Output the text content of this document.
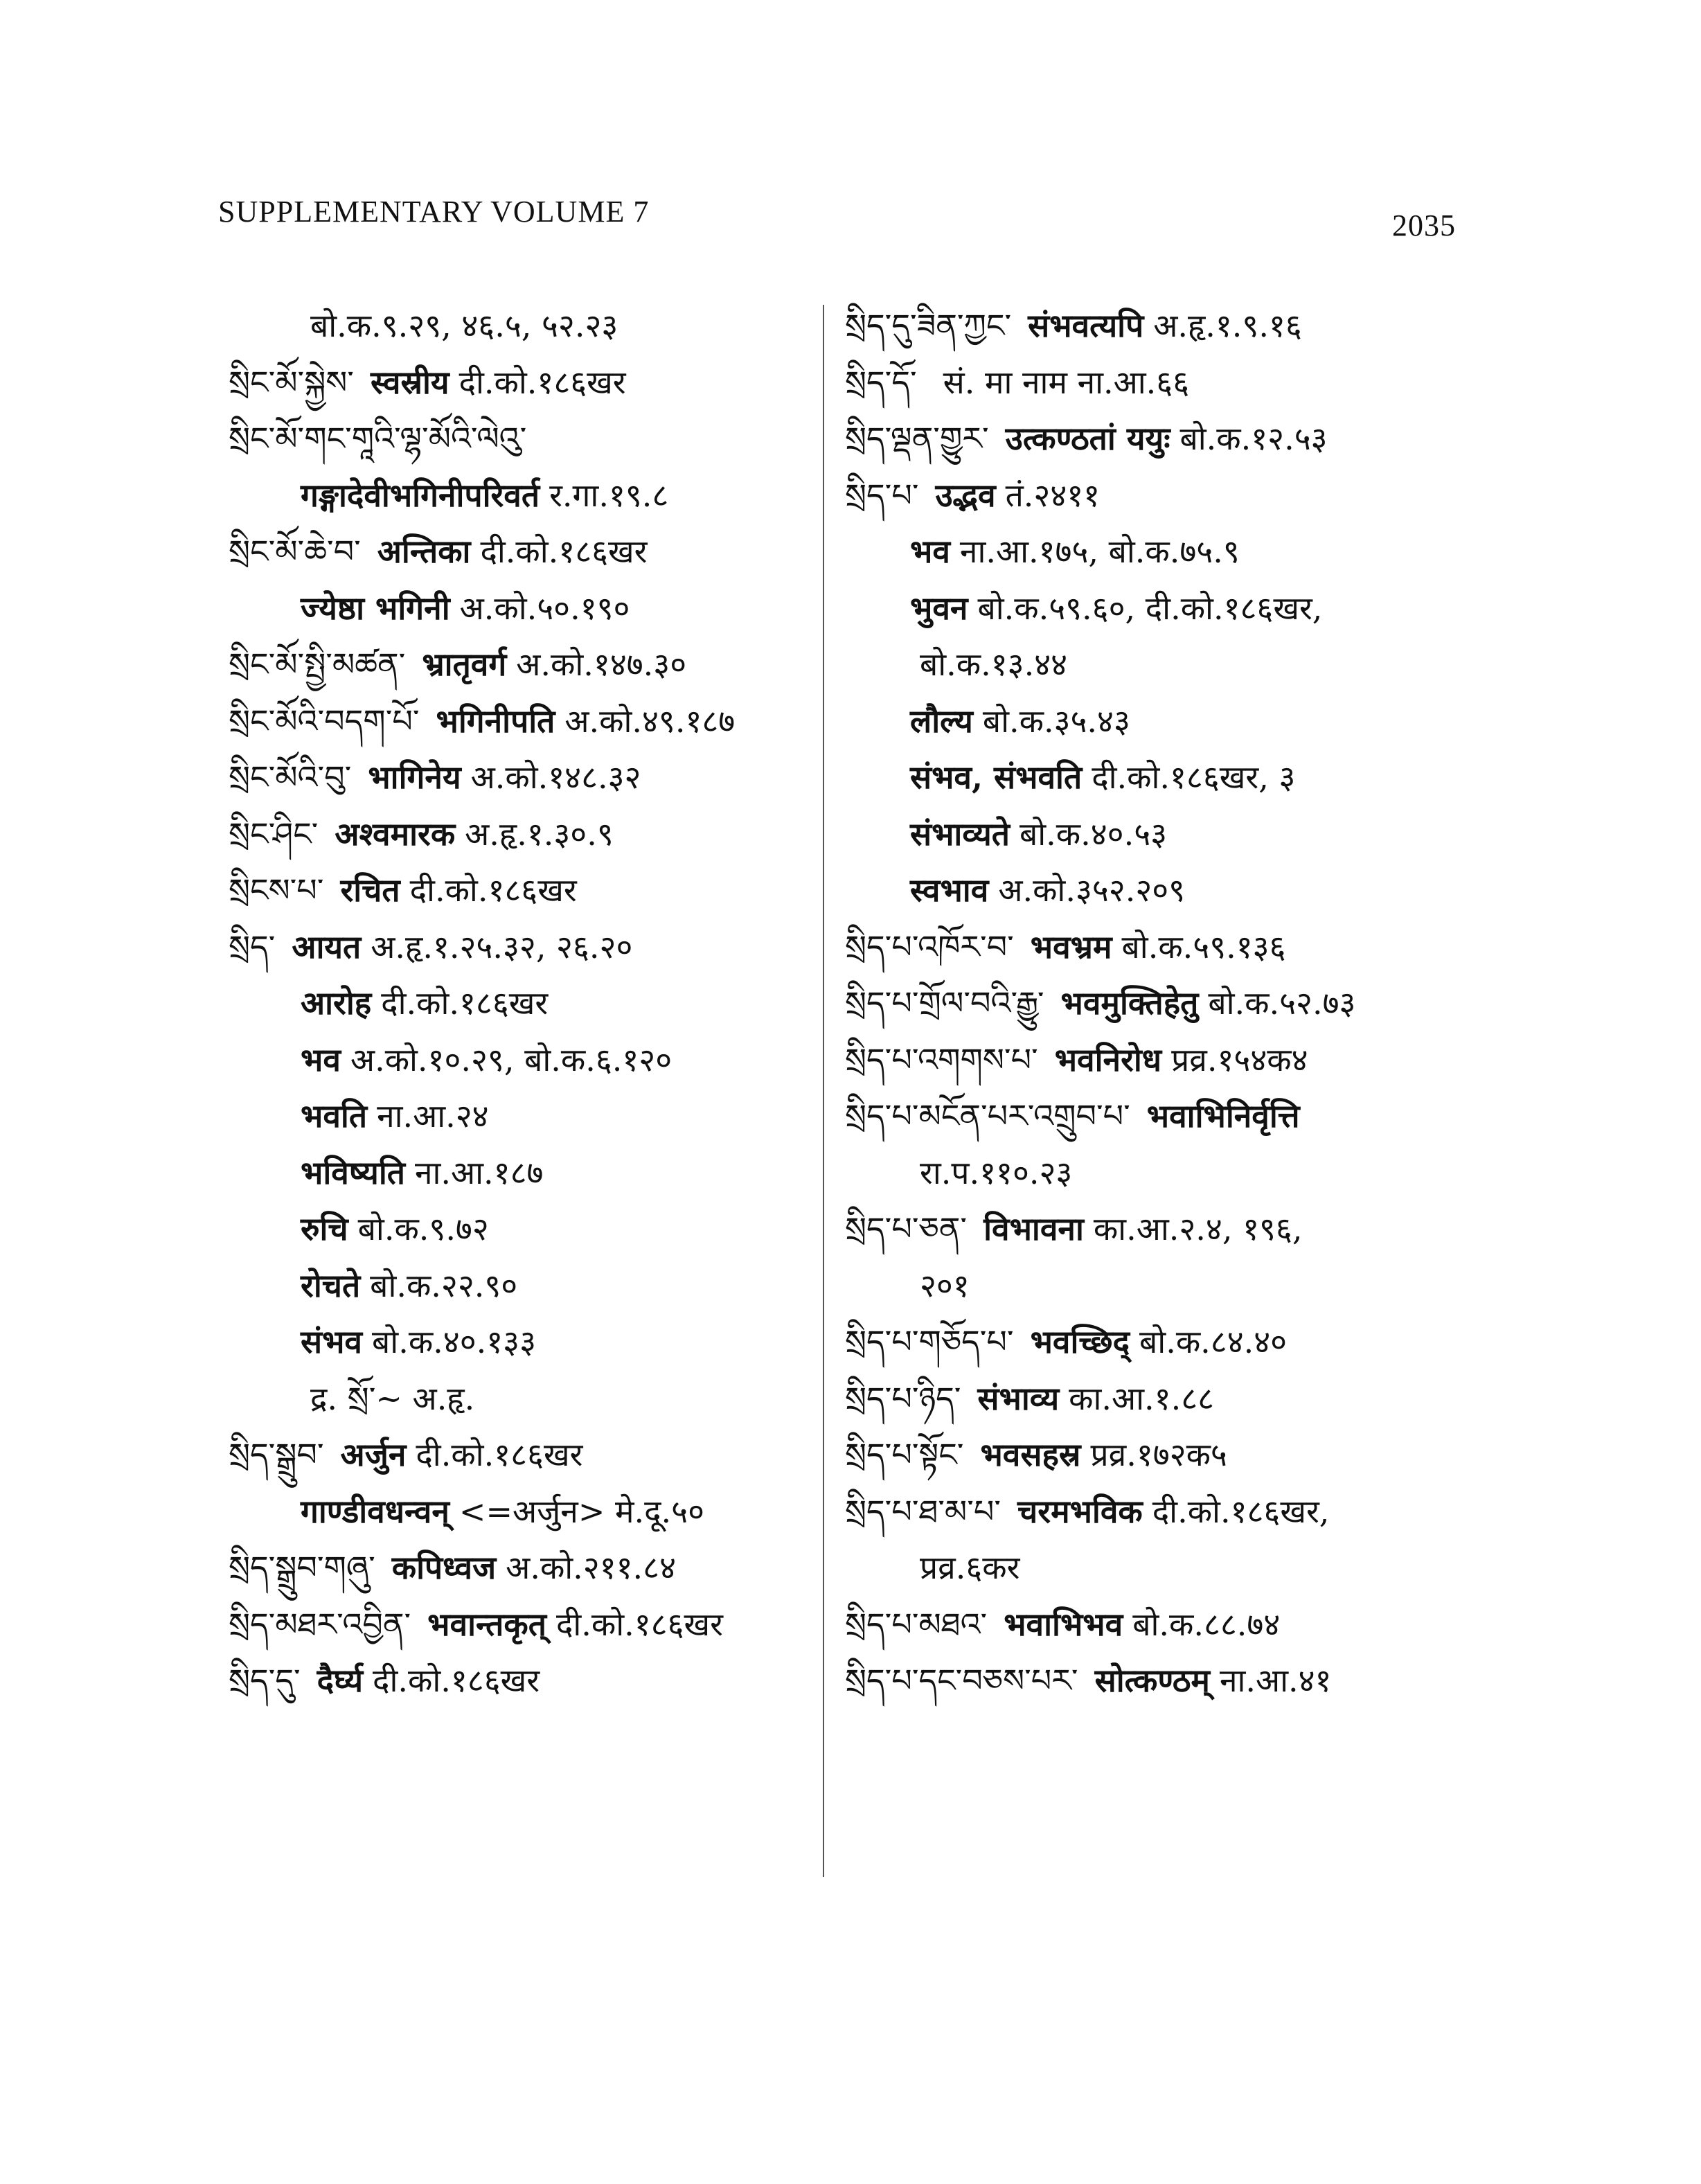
SUPPLEMENTARY VOLUME 7	2035
बो.क.९.२९, ४६.५, ५२.२३
སྲིང་མོ་སྐྱེས་ स्वस्रीय दी.को.१८६खर
སྲིང་མོ་གང་གཱའི་ལྷ་མོའི་ལེའུ་
गङ्गादेवीभगिनीपरिवर्त र.गा.१९.८
སྲིང་མོ་ཆེ་བ་ अन्तिका दी.को.१८६खर
ज्येष्ठा भगिनी अ.को.५०.१९०
སྲིང་མོ་སྤྱི་མཚན་ भ्रातृवर्ग अ.को.१४७.३०
སྲིང་མོའི་བདག་པོ་ भगिनीपति अ.को.४९.१८७
སྲིང་མོའི་བུ་ भागिनेय अ.को.१४८.३२
སྲིང་ཤིང་ अश्वमारक अ.हृ.१.३०.९
སྲིངས་པ་ रचित दी.को.१८६खर
སྲིད་ आयत अ.हृ.१.२५.३२, २६.२०
आरोह दी.को.१८६खर
भव अ.को.१०.२९, बो.क.६.१२०
भवति ना.आ.२४
भविष्यति ना.आ.१८७
रुचि बो.क.९.७२
रोचते बो.क.२२.९०
संभव बो.क.४०.१३३
द्र. སྲོ་~ अ.हृ.
སྲིད་སྒྲུབ་ अर्जुन दी.को.१८६खर
गाण्डीवधन्वन् <=अर्जुन> मे.दू.५०
སྲིད་སྒྲུབ་གཞུ་ कपिध्वज अ.को.२११.८४
སྲིད་མཐར་འབྱིན་ भवान्तकृत् दी.को.१८६खर
སྲིད་དུ་ दैर्घ्य दी.को.१८६खर
སྲིད་དུ་ཟིན་ཀྱང་ संभवत्यपि अ.हृ.१.९.१६
སྲིད་དོ་ सं. मा नाम ना.आ.६६
སྲིད་ལྡན་གྱུར་ उत्कण्ठतां ययुः बो.क.१२.५३
སྲིད་པ་ उद्भव तं.२४११
भव ना.आ.१७५, बो.क.७५.९
भुवन बो.क.५९.६०, दी.को.१८६खर,
बो.क.१३.४४
लौल्य बो.क.३५.४३
संभव, संभवति दी.को.१८६खर, ३
संभाव्यते बो.क.४०.५३
स्वभाव अ.को.३५२.२०९
སྲིད་པ་འཁོར་བ་ भवभ्रम बो.क.५९.१३६
སྲིད་པ་གྲོལ་བའི་རྒྱུ་ भवमुक्तिहेतु बो.क.५२.७३
སྲིད་པ་འགགས་པ་ भवनिरोध प्रव्र.१५४क४
སྲིད་པ་མངོན་པར་འགྲུབ་པ་ भवाभिनिर्वृत्ति
रा.प.११०.२३
སྲིད་པ་ཅན་ विभावना का.आ.२.४, १९६,
२०१
སྲིད་པ་གཅོད་པ་ भवच्छिद् बो.क.८४.४०
སྲིད་པ་ཉིད་ संभाव्य का.आ.१.८८
སྲིད་པ་སྟོང་ भवसहस्र प्रव्र.१७२क५
སྲིད་པ་ཐ་མ་པ་ चरमभविक दी.को.१८६खर,
प्रव्र.६कर
སྲིད་པ་མཐའ་ भवाभिभव बो.क.८८.७४
སྲིད་པ་དང་བཅས་པར་ सोत्कण्ठम् ना.आ.४१
